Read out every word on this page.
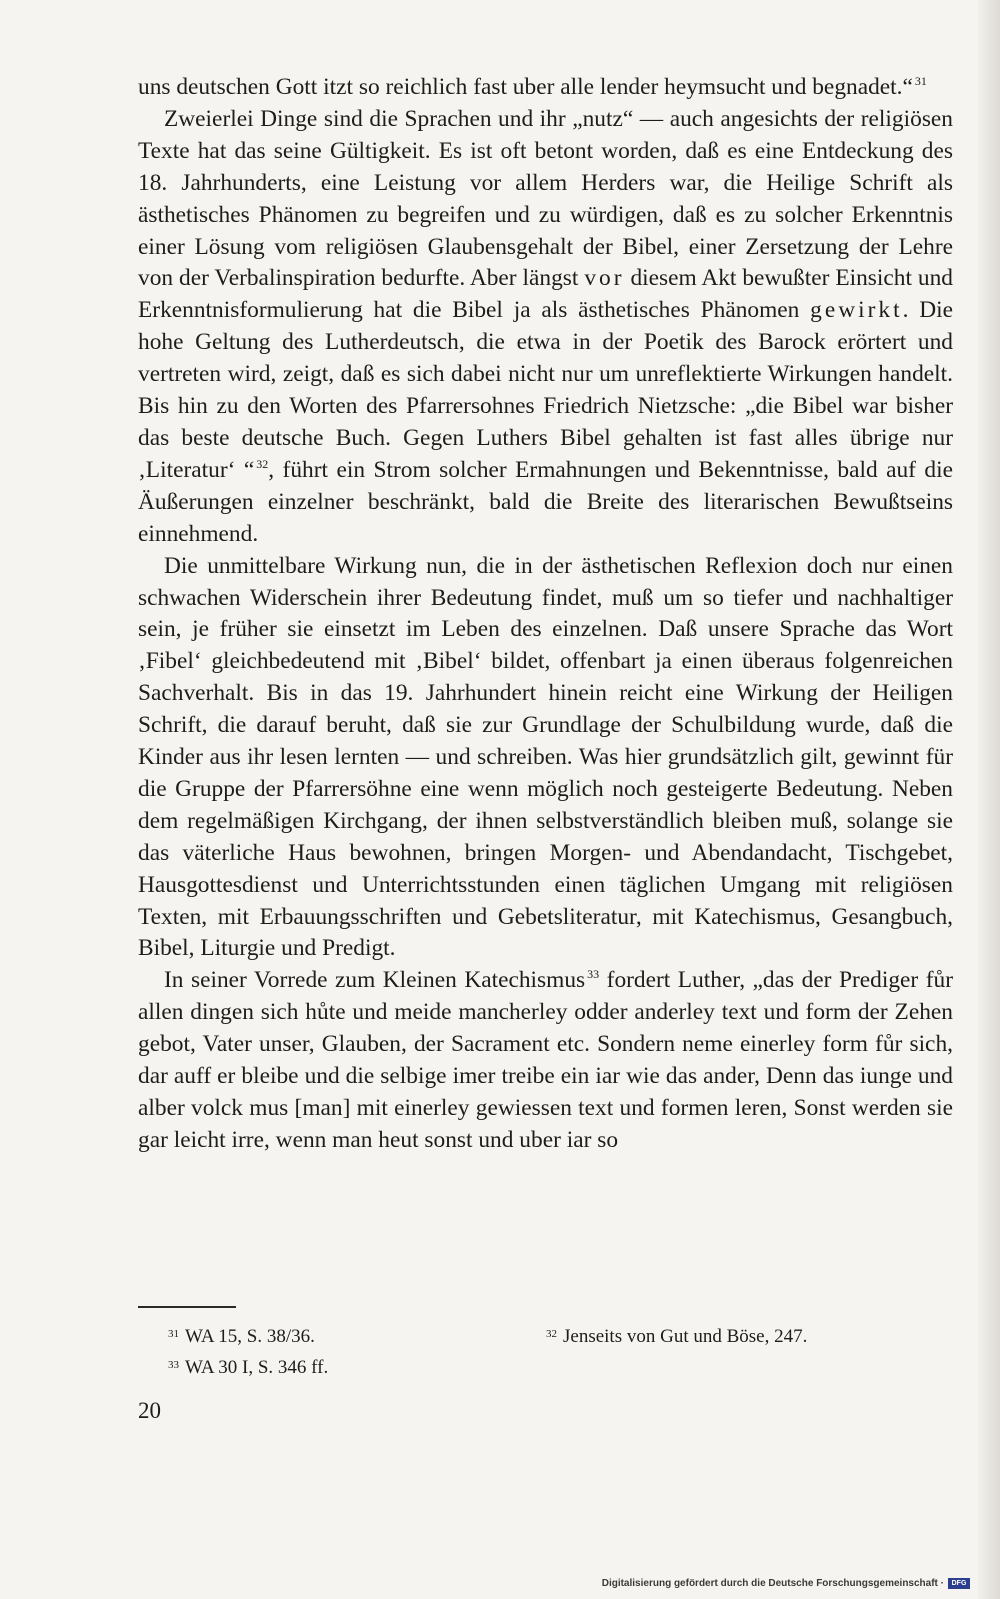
uns deutschen Gott itzt so reichlich fast uber alle lender heymsucht und begnadet.“ $^{31}$

Zweierlei Dinge sind die Sprachen und ihr „nutz“ — auch angesichts der religiösen Texte hat das seine Gültigkeit. Es ist oft betont worden, daß es eine Entdeckung des 18. Jahrhunderts, eine Leistung vor allem Herders war, die Heilige Schrift als ästhetisches Phänomen zu begreifen und zu würdigen, daß es zu solcher Erkenntnis einer Lösung vom religiösen Glaubensgehalt der Bibel, einer Zersetzung der Lehre von der Verbalinspiration bedurfte. Aber längst vor diesem Akt bewußter Einsicht und Erkenntnisformulierung hat die Bibel ja als ästhetisches Phänomen gewirkt. Die hohe Geltung des Lutherdeutsch, die etwa in der Poetik des Barock erörtert und vertreten wird, zeigt, daß es sich dabei nicht nur um unreflektierte Wirkungen handelt. Bis hin zu den Worten des Pfarrersohnes Friedrich Nietzsche: „die Bibel war bisher das beste deutsche Buch. Gegen Luthers Bibel gehalten ist fast alles übrige nur ‚Literatur‘ “ $^{32}$, führt ein Strom solcher Ermahnungen und Bekenntnisse, bald auf die Äußerungen einzelner beschränkt, bald die Breite des literarischen Bewußtseins einnehmend.

Die unmittelbare Wirkung nun, die in der ästhetischen Reflexion doch nur einen schwachen Widerschein ihrer Bedeutung findet, muß um so tiefer und nachhaltiger sein, je früher sie einsetzt im Leben des einzelnen. Daß unsere Sprache das Wort ‚Fibel‘ gleichbedeutend mit ‚Bibel‘ bildet, offenbart ja einen überaus folgenreichen Sachverhalt. Bis in das 19. Jahrhundert hinein reicht eine Wirkung der Heiligen Schrift, die darauf beruht, daß sie zur Grundlage der Schulbildung wurde, daß die Kinder aus ihr lesen lernten — und schreiben. Was hier grundsätzlich gilt, gewinnt für die Gruppe der Pfarrersöhne eine wenn möglich noch gesteigerte Bedeutung. Neben dem regelmäßigen Kirchgang, der ihnen selbstverständlich bleiben muß, solange sie das väterliche Haus bewohnen, bringen Morgen- und Abendandacht, Tischgebet, Hausgottesdienst und Unterrichtsstunden einen täglichen Umgang mit religiösen Texten, mit Erbauungsschriften und Gebetsliteratur, mit Katechismus, Gesangbuch, Bibel, Liturgie und Predigt.

In seiner Vorrede zum Kleinen Katechismus $^{33}$ fordert Luther, „das der Prediger fůr allen dingen sich hůte und meide mancherley odder anderley text und form der Zehen gebot, Vater unser, Glauben, der Sacrament etc. Sondern neme einerley form fůr sich, dar auff er bleibe und die selbige imer treibe ein iar wie das ander, Denn das iunge und alber volck mus [man] mit einerley gewiessen text und formen leren, Sonst werden sie gar leicht irre, wenn man heut sonst und uber iar so

$^{31}$ WA 15, S. 38/36.	$^{32}$ Jenseits von Gut und Böse, 247.
$^{33}$ WA 30 I, S. 346 ff.
20
Digitalisierung gefördert durch die Deutsche Forschungsgemeinschaft ·	DFG
